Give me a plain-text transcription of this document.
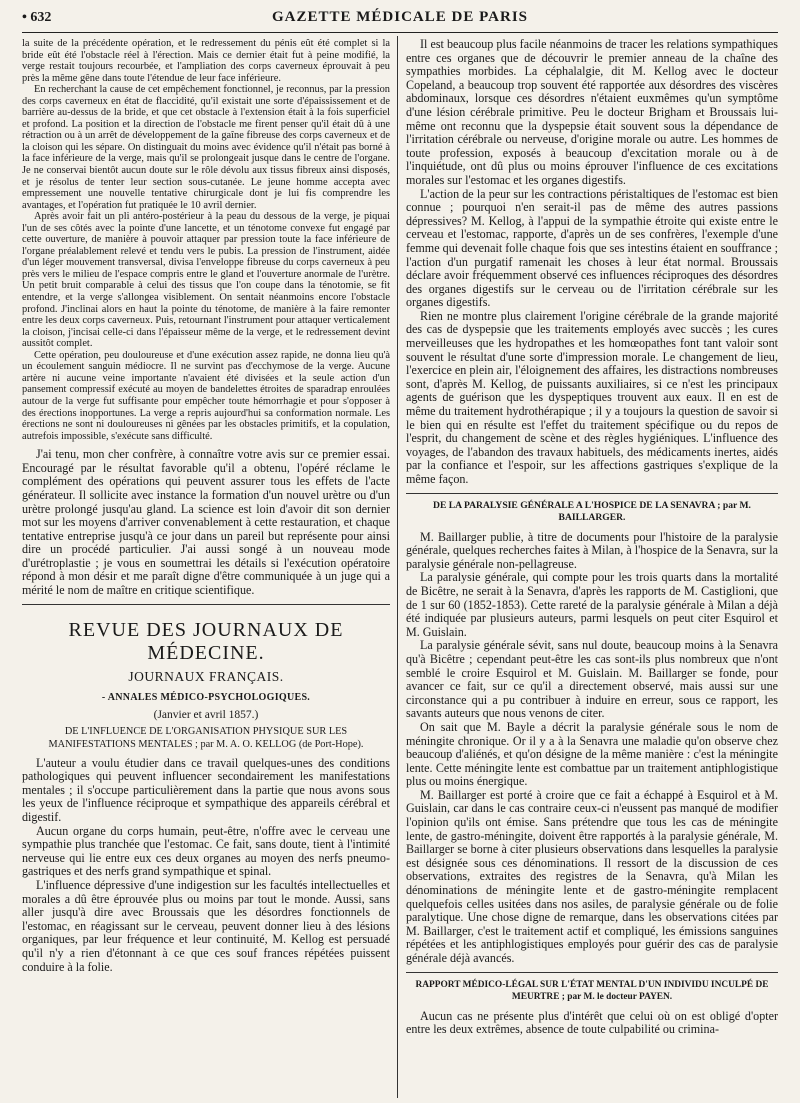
• 632	GAZETTE MÉDICALE DE PARIS

la suite de la précédente opération, et le redressement du pénis eût été complet si la bride eût été l'obstacle réel à l'érection. Mais ce dernier était fut à peine modifié, la verge restait toujours recourbée, et l'ampliation des corps caverneux éprouvait à peu près la même gêne dans toute l'étendue de leur face inférieure.

En recherchant la cause de cet empêchement fonctionnel, je reconnus, par la pression des corps caverneux en état de flaccidité, qu'il existait une sorte d'épaississement et de barrière au-dessus de la bride, et que cet obstacle à l'extension était à la fois superficiel et profond. La position et la direction de l'obstacle me firent penser qu'il était dû à une rétraction ou à un arrêt de développement de la gaîne fibreuse des corps caverneux et de la cloison qui les sépare. On distinguait du moins avec évidence qu'il n'était pas borné à la face inférieure de la verge, mais qu'il se prolongeait jusque dans le centre de l'organe. Je ne conservai bientôt aucun doute sur le rôle dévolu aux tissus fibreux ainsi disposés, et je résolus de tenter leur section sous-cutanée. Le jeune homme accepta avec empressement une nouvelle tentative chirurgicale dont je lui fis comprendre les avantages, et l'opération fut pratiquée le 10 avril dernier.

Après avoir fait un pli antéro-postérieur à la peau du dessous de la verge, je piquai l'un de ses côtés avec la pointe d'une lancette, et un ténotome convexe fut engagé par cette ouverture, de manière à pouvoir attaquer par pression toute la face inférieure de l'organe préalablement relevé et tendu vers le pubis. La pression de l'instrument, aidée d'un léger mouvement transversal, divisa l'enveloppe fibreuse du corps caverneux à peu près vers le milieu de l'espace compris entre le gland et l'ouverture anormale de l'urètre. Un petit bruit comparable à celui des tissus que l'on coupe dans la ténotomie, se fit entendre, et la verge s'allongea visiblement. On sentait néanmoins encore l'obstacle profond. J'inclinai alors en haut la pointe du ténotome, de manière à la faire remonter entre les deux corps caverneux. Puis, retournant l'instrument pour attaquer verticalement la cloison, j'incisai celle-ci dans l'épaisseur même de la verge, et le redressement devint aussitôt complet.

Cette opération, peu douloureuse et d'une exécution assez rapide, ne donna lieu qu'à un écoulement sanguin médiocre. Il ne survint pas d'ecchymose de la verge. Aucune artère ni aucune veine importante n'avaient été divisées et la seule action d'un pansement compressif exécuté au moyen de bandelettes étroites de sparadrap enroulées autour de la verge fut suffisante pour empêcher toute hémorrhagie et pour s'opposer à des érections inopportunes. La verge a repris aujourd'hui sa conformation normale. Les érections ne sont ni douloureuses ni gênées par les obstacles primitifs, et la copulation, autrefois impossible, s'exécute sans difficulté.

J'ai tenu, mon cher confrère, à connaître votre avis sur ce premier essai. Encouragé par le résultat favorable qu'il a obtenu, l'opéré réclame le complément des opérations qui peuvent assurer tous les effets de l'acte générateur. Il sollicite avec instance la formation d'un nouvel urètre ou d'un urètre prolongé jusqu'au gland. La science est loin d'avoir dit son dernier mot sur les moyens d'arriver convenablement à cette restauration, et chaque tentative entreprise jusqu'à ce jour dans un pareil but représente pour ainsi dire un procédé particulier. J'ai aussi songé à un nouveau mode d'urétroplastie ; je vous en soumettrai les détails si l'exécution opératoire répond à mon désir et me paraît digne d'être communiquée à un juge qui a mérité le nom de maître en critique scientifique.

REVUE DES JOURNAUX DE MÉDECINE.
JOURNAUX FRANÇAIS.
- ANNALES MÉDICO-PSYCHOLOGIQUES.
(Janvier et avril 1857.)
DE L'INFLUENCE DE L'ORGANISATION PHYSIQUE SUR LES MANIFESTATIONS MENTALES ; par M. A. O. KELLOG (de Port-Hope).

L'auteur a voulu étudier dans ce travail quelques-unes des conditions pathologiques qui peuvent influencer secondairement les manifestations mentales ; il s'occupe particulièrement dans la partie que nous avons sous les yeux de l'influence réciproque et sympathique des appareils cérébral et digestif.

Aucun organe du corps humain, peut-être, n'offre avec le cerveau une sympathie plus tranchée que l'estomac. Ce fait, sans doute, tient à l'intimité nerveuse qui lie entre eux ces deux organes au moyen des nerfs pneumo-gastriques et des nerfs grand sympathique et spinal.

L'influence dépressive d'une indigestion sur les facultés intellectuelles et morales a dû être éprouvée plus ou moins par tout le monde. Aussi, sans aller jusqu'à dire avec Broussais que les désordres fonctionnels de l'estomac, en réagissant sur le cerveau, peuvent donner lieu à des lésions organiques, par leur fréquence et leur continuité, M. Kellog est persuadé qu'il n'y a rien d'étonnant à ce que ces souf frances répétées puissent conduire à la folie.

Il est beaucoup plus facile néanmoins de tracer les relations sympathiques entre ces organes que de découvrir le premier anneau de la chaîne des sympathies morbides. La céphalalgie, dit M. Kellog avec le docteur Copeland, a beaucoup trop souvent été rapportée aux désordres des viscères abdominaux, lorsque ces désordres n'étaient euxmêmes qu'un symptôme d'une lésion cérébrale primitive. Peu le docteur Brigham et Broussais lui-même ont reconnu que la dyspepsie était souvent sous la dépendance de l'irritation cérébrale ou nerveuse, d'origine morale ou autre. Les hommes de toute profession, exposés à beaucoup d'excitation morale ou à de l'inquiétude, ont dû plus ou moins éprouver l'influence de ces excitations morales sur l'estomac et les organes digestifs.

L'action de la peur sur les contractions péristaltiques de l'estomac est bien connue ; pourquoi n'en serait-il pas de même des autres passions dépressives? M. Kellog, à l'appui de la sympathie étroite qui existe entre le cerveau et l'estomac, rapporte, d'après un de ses confrères, l'exemple d'une femme qui devenait folle chaque fois que ses intestins étaient en souffrance ; l'action d'un purgatif ramenait les choses à leur état normal. Broussais déclare avoir fréquemment observé ces influences réciproques des désordres des organes digestifs sur le cerveau ou de l'irritation cérébrale sur les organes digestifs.

Rien ne montre plus clairement l'origine cérébrale de la grande majorité des cas de dyspepsie que les traitements employés avec succès ; les cures merveilleuses que les hydropathes et les homœopathes font tant valoir sont souvent le résultat d'une sorte d'impression morale. Le changement de lieu, l'exercice en plein air, l'éloignement des affaires, les distractions nombreuses sont, d'après M. Kellog, de puissants auxiliaires, si ce n'est les principaux agents de guérison que les dyspeptiques trouvent aux eaux. Il en est de même du traitement hydrothérapique ; il y a toujours la question de savoir si le bien qui en résulte est l'effet du traitement spécifique ou du repos de l'esprit, du changement de scène et des règles hygiéniques. L'influence des voyages, de l'abandon des travaux habituels, des médicaments inertes, aidés par la confiance et l'espoir, sur les affections gastriques s'explique de la même façon.

DE LA PARALYSIE GÉNÉRALE A L'HOSPICE DE LA SENAVRA ; par M. BAILLARGER.

M. Baillarger publie, à titre de documents pour l'histoire de la paralysie générale, quelques recherches faites à Milan, à l'hospice de la Senavra, sur la paralysie générale non-pellagreuse.

La paralysie générale, qui compte pour les trois quarts dans la mortalité de Bicêtre, ne serait à la Senavra, d'après les rapports de M. Castiglioni, que de 1 sur 60 (1852-1853). Cette rareté de la paralysie générale à Milan a déjà été indiquée par plusieurs auteurs, parmi lesquels on peut citer Esquirol et M. Guislain.

La paralysie générale sévit, sans nul doute, beaucoup moins à la Senavra qu'à Bicêtre ; cependant peut-être les cas sont-ils plus nombreux que n'ont semblé le croire Esquirol et M. Guislain. M. Baillarger se fonde, pour avancer ce fait, sur ce qu'il a directement observé, mais aussi sur une circonstance qui a pu contribuer à induire en erreur, sous ce rapport, les savants auteurs que nous venons de citer.

On sait que M. Bayle a décrit la paralysie générale sous le nom de méningite chronique. Or il y a à la Senavra une maladie qu'on observe chez beaucoup d'aliénés, et qu'on désigne de la même manière : c'est la méningite lente. Cette méningite lente est combattue par un traitement antiphlogistique plus ou moins énergique.

M. Baillarger est porté à croire que ce fait a échappé à Esquirol et à M. Guislain, car dans le cas contraire ceux-ci n'eussent pas manqué de modifier l'opinion qu'ils ont émise. Sans prétendre que tous les cas de méningite lente, de gastro-méningite, doivent être rapportés à la paralysie générale, M. Baillarger se borne à citer plusieurs observations dans lesquelles la paralysie est désignée sous ces dénominations. Il ressort de la discussion de ces observations, extraites des registres de la Senavra, qu'à Milan les dénominations de méningite lente et de gastro-méningite remplacent quelquefois celles usitées dans nos asiles, de paralysie générale ou de folie paralytique. Une chose digne de remarque, dans les observations citées par M. Baillarger, c'est le traitement actif et compliqué, les émissions sanguines répétées et les antiphlogistiques employés pour guérir des cas de paralysie générale déjà avancés.

RAPPORT MÉDICO-LÉGAL SUR L'ÉTAT MENTAL D'UN INDIVIDU INCULPÉ DE MEURTRE ; par M. le docteur PAYEN.

Aucun cas ne présente plus d'intérêt que celui où on est obligé d'opter entre les deux extrêmes, absence de toute culpabilité ou crimina-
